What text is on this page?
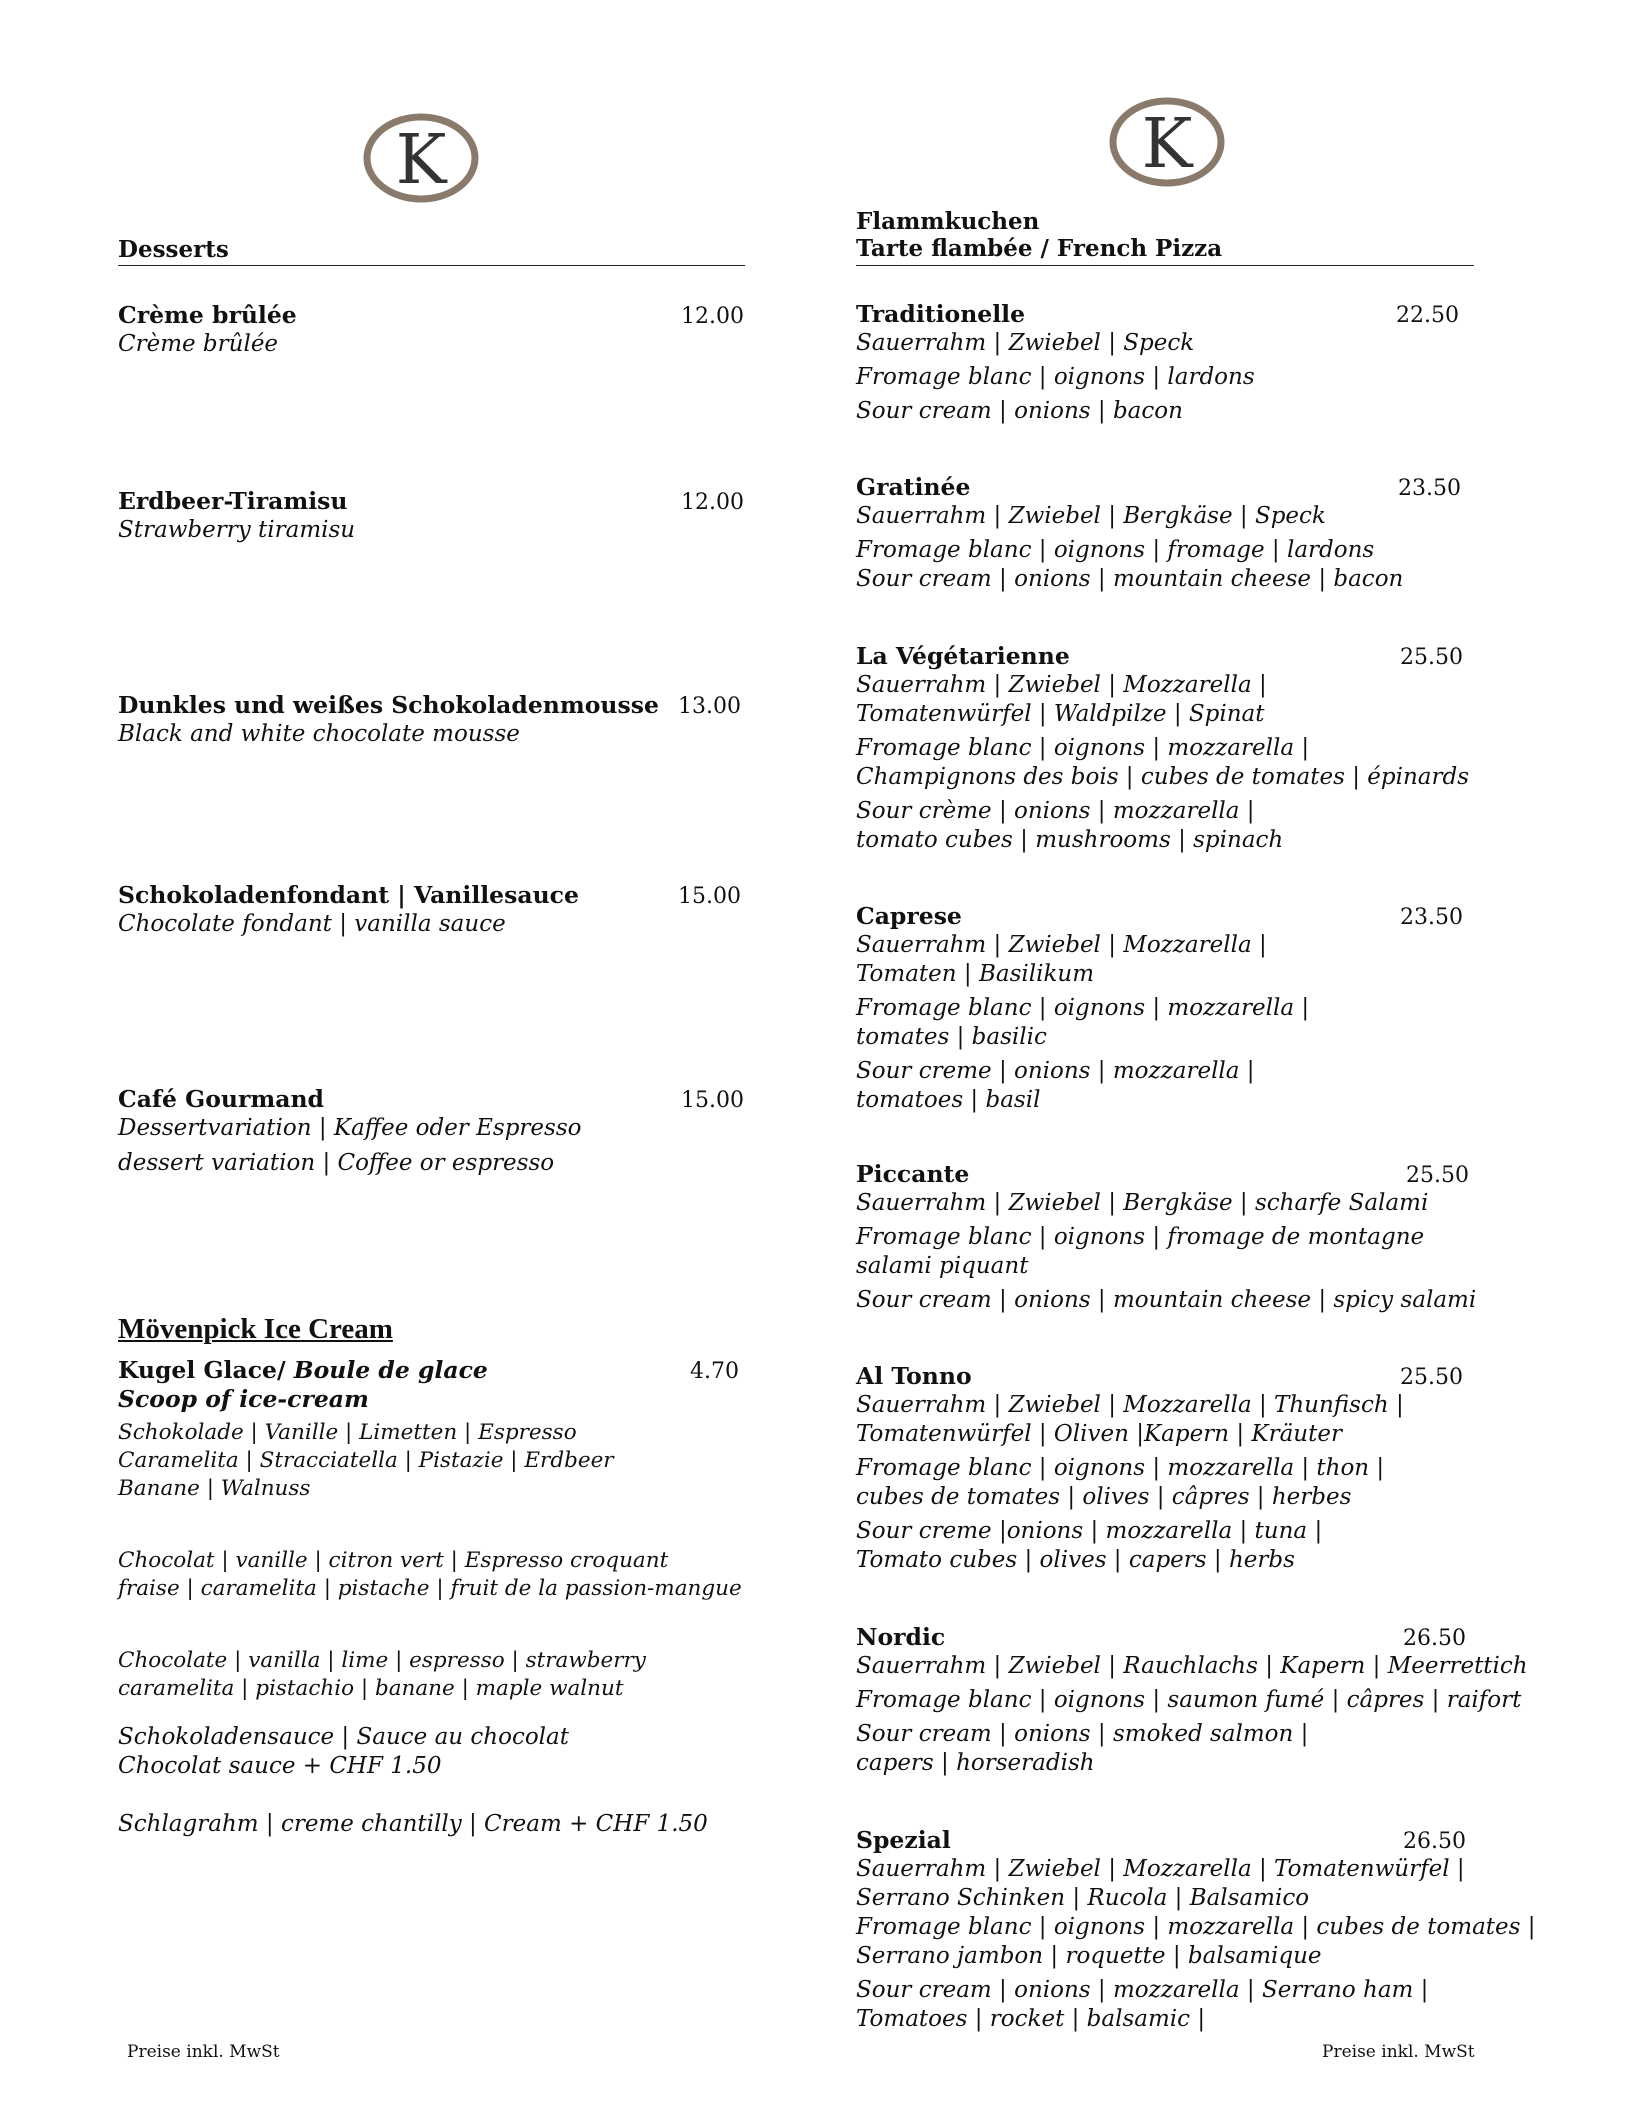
K	K
Desserts
Crème brûlée
Crème brûlée
12.00
Erdbeer-Tiramisu
Strawberry tiramisu
12.00
Dunkles und weißes Schokoladenmousse
Black and white chocolate mousse
13.00
Schokoladenfondant | Vanillesauce
Chocolate fondant | vanilla sauce
15.00
Café Gourmand
Dessertvariation | Kaffee oder Espresso
dessert variation | Coffee or espresso
15.00
Mövenpick Ice Cream
Kugel Glace/ Boule de glace
Scoop of ice-cream
Schokolade | Vanille | Limetten | Espresso
Caramelita | Stracciatella | Pistazie | Erdbeer
Banane | Walnuss
Chocolat | vanille | citron vert | Espresso croquant
fraise | caramelita | pistache | fruit de la passion-mangue
Chocolate | vanilla | lime | espresso | strawberry
caramelita | pistachio | banane | maple walnut
Schokoladensauce | Sauce au chocolat
Chocolat sauce + CHF 1.50
Schlagrahm | creme chantilly | Cream + CHF 1.50
4.70
Preise inkl. MwSt
Flammkuchen
Tarte flambée / French Pizza
Traditionelle
Sauerrahm | Zwiebel | Speck
Fromage blanc | oignons | lardons
Sour cream | onions | bacon
22.50
Gratinée
Sauerrahm | Zwiebel | Bergkäse | Speck
Fromage blanc | oignons | fromage | lardons
Sour cream | onions | mountain cheese | bacon
23.50
La Végétarienne
Sauerrahm | Zwiebel | Mozzarella |
Tomatenwürfel | Waldpilze | Spinat
Fromage blanc | oignons | mozzarella |
Champignons des bois | cubes de tomates | épinards
Sour crème | onions | mozzarella |
tomato cubes | mushrooms | spinach
25.50
Caprese
Sauerrahm | Zwiebel | Mozzarella |
Tomaten | Basilikum
Fromage blanc | oignons | mozzarella |
tomates | basilic
Sour creme | onions | mozzarella |
tomatoes | basil
23.50
Piccante
Sauerrahm | Zwiebel | Bergkäse | scharfe Salami
Fromage blanc | oignons | fromage de montagne
salami piquant
Sour cream | onions | mountain cheese | spicy salami
25.50
Al Tonno
Sauerrahm | Zwiebel | Mozzarella | Thunfisch |
Tomatenwürfel | Oliven |Kapern | Kräuter
Fromage blanc | oignons | mozzarella | thon |
cubes de tomates | olives | câpres | herbes
Sour creme |onions | mozzarella | tuna |
Tomato cubes | olives | capers | herbs
25.50
Nordic
Sauerrahm | Zwiebel | Rauchlachs | Kapern | Meerrettich
Fromage blanc | oignons | saumon fumé | câpres | raifort
Sour cream | onions | smoked salmon |
capers | horseradish
26.50
Spezial
Sauerrahm | Zwiebel | Mozzarella | Tomatenwürfel |
Serrano Schinken | Rucola | Balsamico
Fromage blanc | oignons | mozzarella | cubes de tomates |
Serrano jambon | roquette | balsamique
Sour cream | onions | mozzarella | Serrano ham |
Tomatoes | rocket | balsamic |
26.50
Preise inkl. MwSt
